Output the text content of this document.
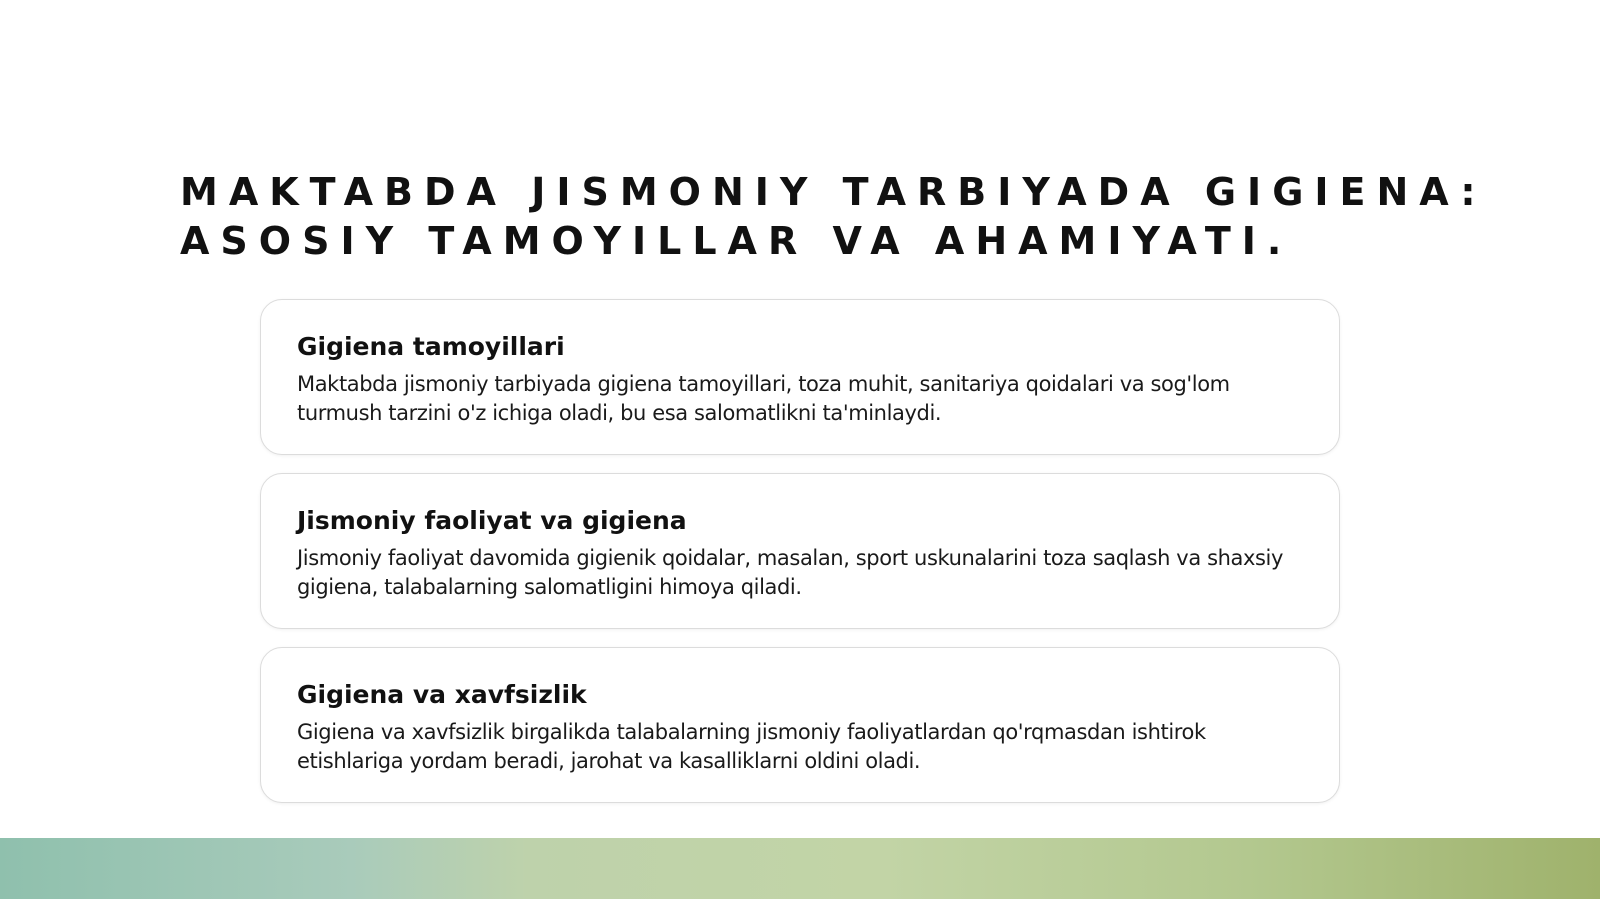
MAKTABDA JISMONIY TARBIYADA GIGIENA:
ASOSIY TAMOYILLAR VA AHAMIYATI.
Gigiena tamoyillari

Maktabda jismoniy tarbiyada gigiena tamoyillari, toza muhit, sanitariya qoidalari va sog'lom turmush tarzini o'z ichiga oladi, bu esa salomatlikni ta'minlaydi.

Jismoniy faoliyat va gigiena

Jismoniy faoliyat davomida gigienik qoidalar, masalan, sport uskunalarini toza saqlash va shaxsiy gigiena, talabalarning salomatligini himoya qiladi.

Gigiena va xavfsizlik

Gigiena va xavfsizlik birgalikda talabalarning jismoniy faoliyatlardan qo'rqmasdan ishtirok etishlariga yordam beradi, jarohat va kasalliklarni oldini oladi.
